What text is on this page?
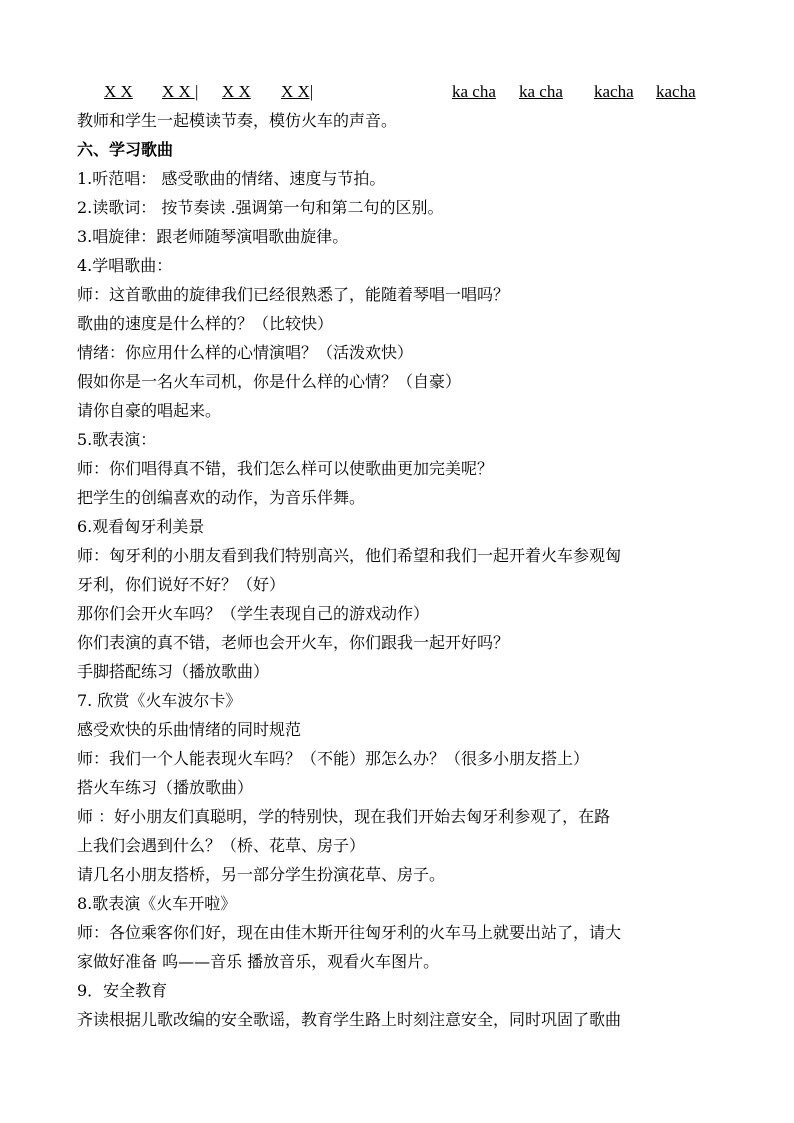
X X X X | X X X X|	ka cha ka cha kacha kacha
教师和学生一起模读节奏，模仿火车的声音。
六、学习歌曲
1.听范唱： 感受歌曲的情绪、速度与节拍。
2.读歌词： 按节奏读 .强调第一句和第二句的区别。
3.唱旋律：跟老师随琴演唱歌曲旋律。
4.学唱歌曲：
师：这首歌曲的旋律我们已经很熟悉了，能随着琴唱一唱吗？
歌曲的速度是什么样的？（比较快）
情绪：你应用什么样的心情演唱？（活泼欢快）
假如你是一名火车司机，你是什么样的心情？（自豪）
请你自豪的唱起来。
5.歌表演：
师：你们唱得真不错，我们怎么样可以使歌曲更加完美呢？
把学生的创编喜欢的动作，为音乐伴舞。
6.观看匈牙利美景
师：匈牙利的小朋友看到我们特别高兴，他们希望和我们一起开着火车参观匈
牙利，你们说好不好？（好）
那你们会开火车吗？（学生表现自己的游戏动作）
你们表演的真不错，老师也会开火车，你们跟我一起开好吗？
手脚搭配练习（播放歌曲）
7. 欣赏《火车波尔卡》
感受欢快的乐曲情绪的同时规范
师：我们一个人能表现火车吗？（不能）那怎么办？（很多小朋友搭上）
搭火车练习（播放歌曲）
师 ：好小朋友们真聪明，学的特别快，现在我们开始去匈牙利参观了，在路
上我们会遇到什么？（桥、花草、房子）
请几名小朋友搭桥，另一部分学生扮演花草、房子。
8.歌表演《火车开啦》
师：各位乘客你们好，现在由佳木斯开往匈牙利的火车马上就要出站了，请大
家做好准备 呜——音乐 播放音乐，观看火车图片。
9．安全教育
齐读根据儿歌改编的安全歌谣，教育学生路上时刻注意安全，同时巩固了歌曲
